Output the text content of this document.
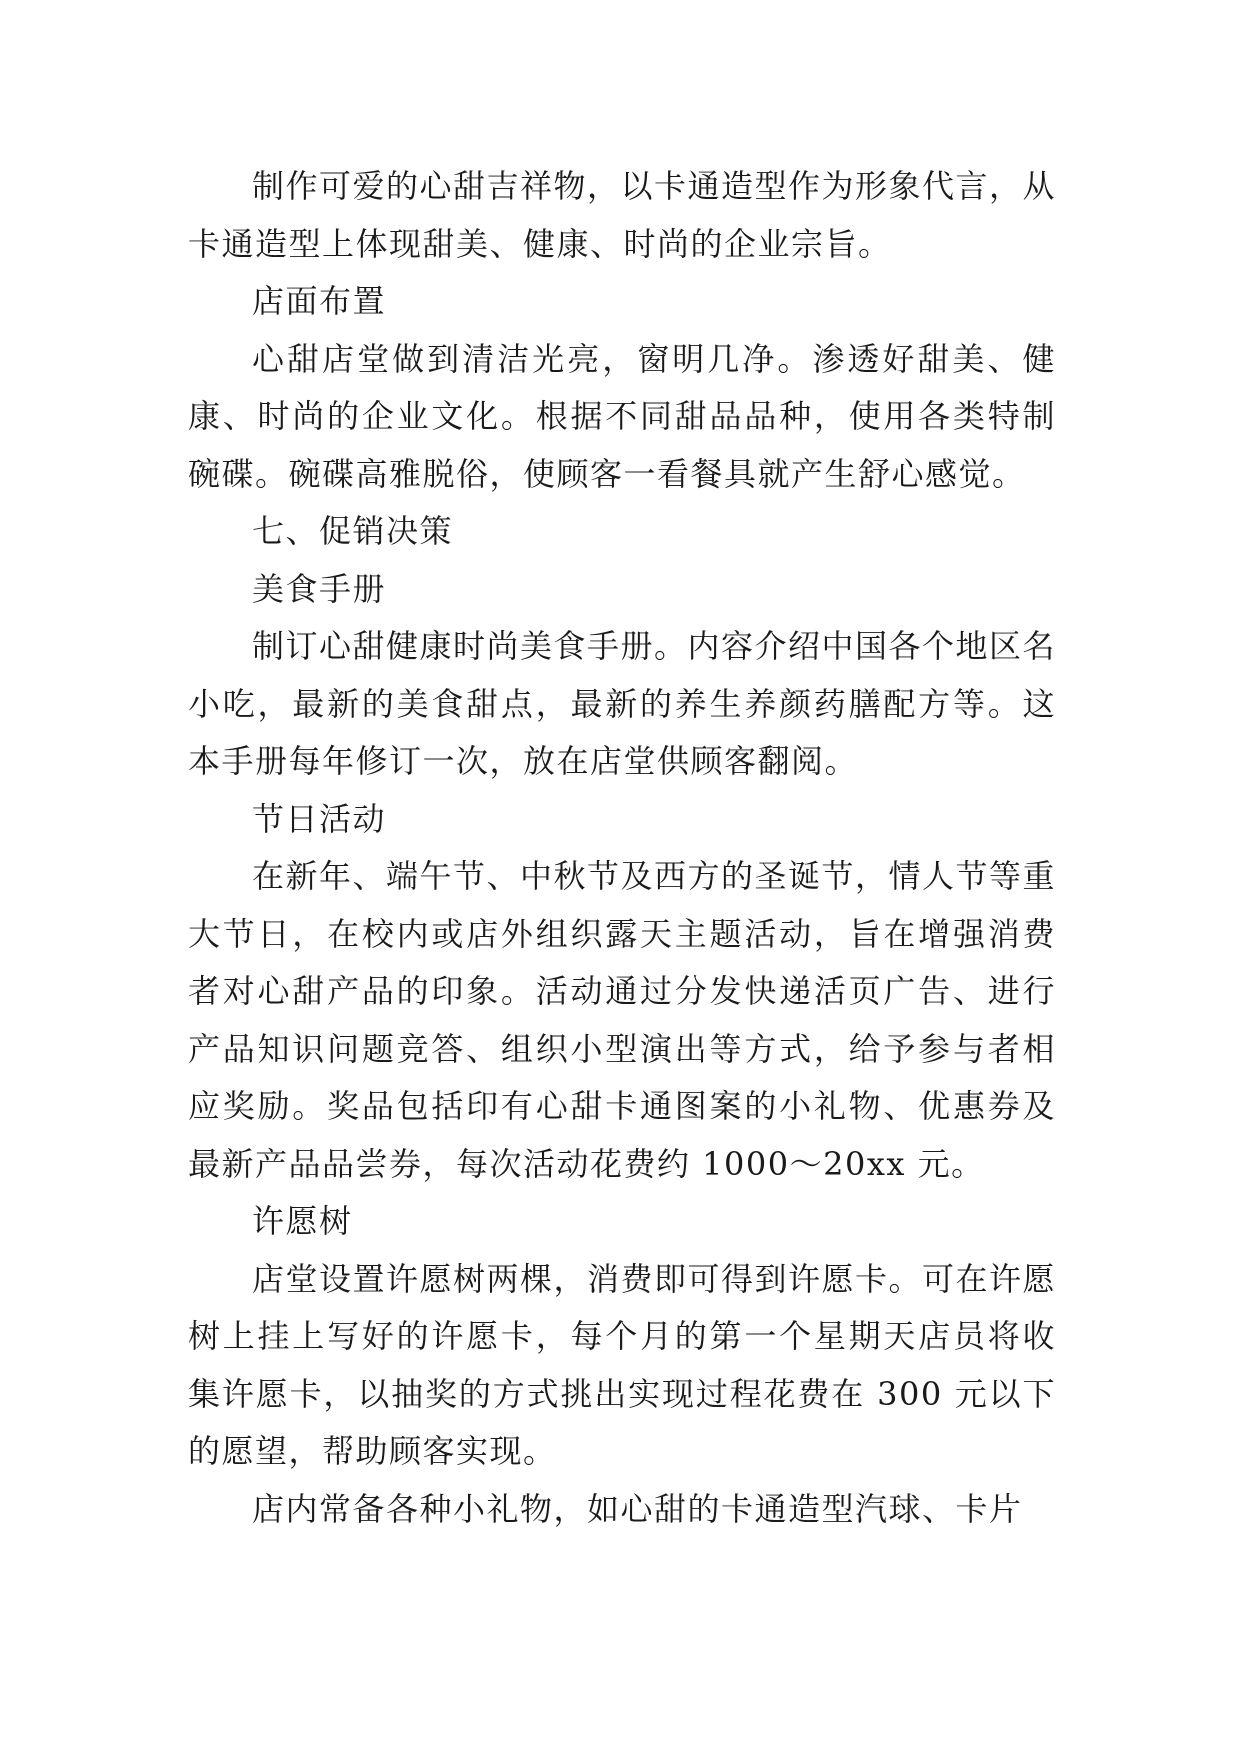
制作可爱的心甜吉祥物，以卡通造型作为形象代言，从卡通造型上体现甜美、健康、时尚的企业宗旨。

店面布置

心甜店堂做到清洁光亮，窗明几净。渗透好甜美、健康、时尚的企业文化。根据不同甜品品种，使用各类特制碗碟。碗碟高雅脱俗，使顾客一看餐具就产生舒心感觉。

七、促销决策

美食手册

制订心甜健康时尚美食手册。内容介绍中国各个地区名小吃，最新的美食甜点，最新的养生养颜药膳配方等。这本手册每年修订一次，放在店堂供顾客翻阅。

节日活动

在新年、端午节、中秋节及西方的圣诞节，情人节等重大节日，在校内或店外组织露天主题活动，旨在增强消费者对心甜产品的印象。活动通过分发快递活页广告、进行产品知识问题竞答、组织小型演出等方式，给予参与者相应奖励。奖品包括印有心甜卡通图案的小礼物、优惠券及最新产品品尝券，每次活动花费约 1000～20xx 元。

许愿树

店堂设置许愿树两棵，消费即可得到许愿卡。可在许愿树上挂上写好的许愿卡，每个月的第一个星期天店员将收集许愿卡，以抽奖的方式挑出实现过程花费在 300 元以下的愿望，帮助顾客实现。

店内常备各种小礼物，如心甜的卡通造型汽球、卡片
